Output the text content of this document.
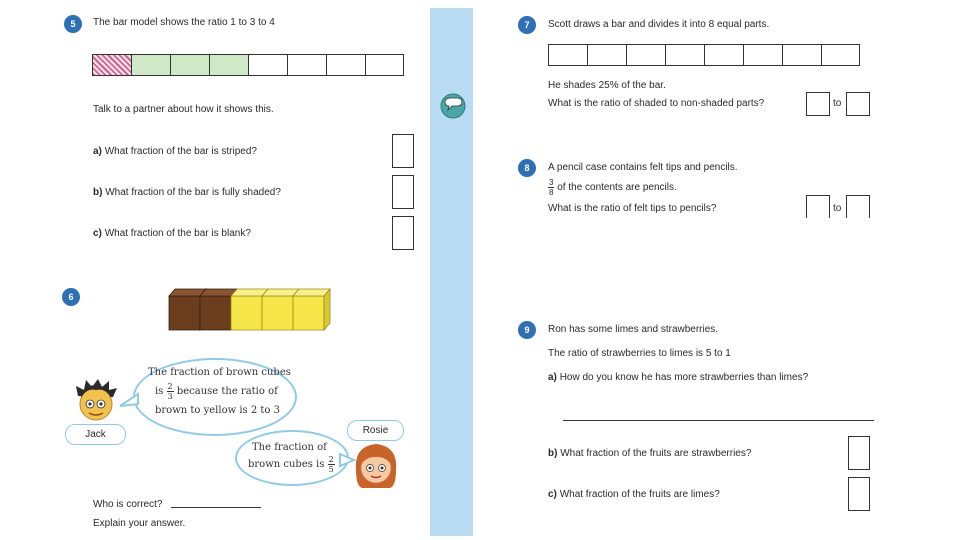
5	The bar model shows the ratio 1 to 3 to 4
Talk to a partner about how it shows this.
a) What fraction of the bar is striped?
b) What fraction of the bar is fully shaded?
c) What fraction of the bar is blank?
6
The fraction of brown cubes
is $\frac{2}{3}$ because the ratio of
brown to yellow is 2 to 3
Jack
The fraction of
brown cubes is $\frac{2}{5}$
Rosie
Who is correct?
Explain your answer.
7	Scott draws a bar and divides it into 8 equal parts.
He shades 25% of the bar.
What is the ratio of shaded to non-shaded parts?	to
8	A pencil case contains felt tips and pencils.
$\frac{3}{8}$ of the contents are pencils.
What is the ratio of felt tips to pencils?	to
9	Ron has some limes and strawberries.
The ratio of strawberries to limes is 5 to 1
a) How do you know he has more strawberries than limes?
b) What fraction of the fruits are strawberries?
c) What fraction of the fruits are limes?
